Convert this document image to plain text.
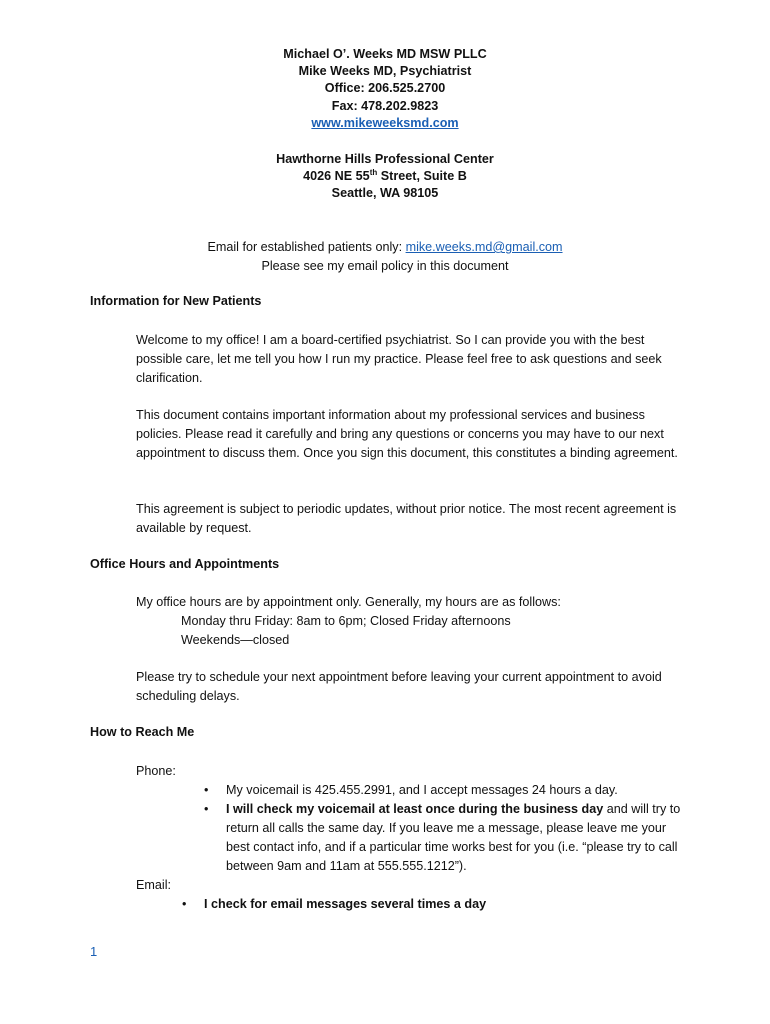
Michael O’. Weeks MD MSW PLLC
Mike Weeks MD, Psychiatrist
Office: 206.525.2700
Fax: 478.202.9823
www.mikeweeksmd.com
Hawthorne Hills Professional Center
4026 NE 55th Street, Suite B
Seattle, WA 98105
Email for established patients only: mike.weeks.md@gmail.com
Please see my email policy in this document
Information for New Patients

Welcome to my office! I am a board-certified psychiatrist. So I can provide you with the best possible care, let me tell you how I run my practice. Please feel free to ask questions and seek clarification.

This document contains important information about my professional services and business policies. Please read it carefully and bring any questions or concerns you may have to our next appointment to discuss them. Once you sign this document, this constitutes a binding agreement.

This agreement is subject to periodic updates, without prior notice. The most recent agreement is available by request.

Office Hours and Appointments

My office hours are by appointment only. Generally, my hours are as follows:

Monday thru Friday: 8am to 6pm; Closed Friday afternoons
Weekends—closed

Please try to schedule your next appointment before leaving your current appointment to avoid scheduling delays.

How to Reach Me
Phone:
• My voicemail is 425.455.2991, and I accept messages 24 hours a day.
• I will check my voicemail at least once during the business day and will try to return all calls the same day. If you leave me a message, please leave me your best contact info, and if a particular time works best for you (i.e. “please try to call between 9am and 11am at 555.555.1212”).
Email:
• I check for email messages several times a day
1
